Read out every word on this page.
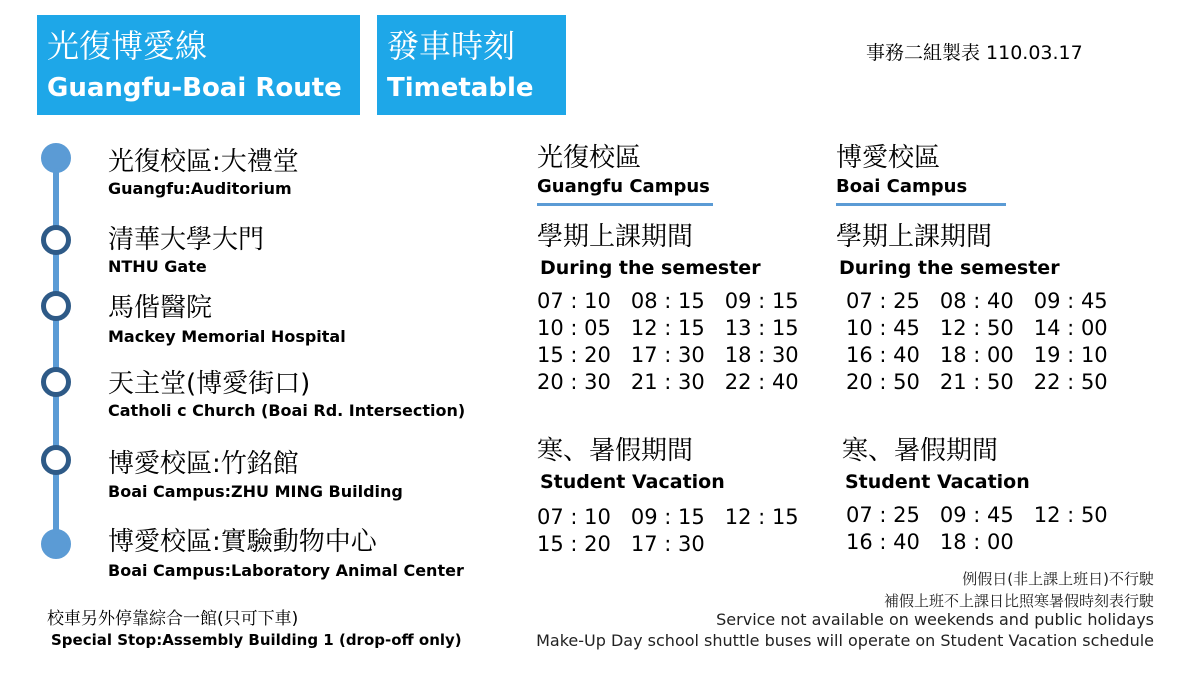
光復博愛線
Guangfu-Boai Route
發車時刻
Timetable
事務二組製表 110.03.17
光復校區:大禮堂
Guangfu:Auditorium
清華大學大門
NTHU Gate
馬偕醫院
Mackey Memorial Hospital
天主堂(博愛街口)
Catholi c Church (Boai Rd. Intersection)
博愛校區:竹銘館
Boai Campus:ZHU MING Building
博愛校區:實驗動物中心
Boai Campus:Laboratory Animal Center
校車另外停靠綜合一館(只可下車)
Special Stop:Assembly Building 1 (drop-off only)
光復校區
Guangfu Campus
學期上課期間
During the semester
07 : 10   08 : 15   09 : 15
10 : 05   12 : 15   13 : 15
15 : 20   17 : 30   18 : 30
20 : 30   21 : 30   22 : 40
寒、暑假期間
Student Vacation
07 : 10   09 : 15   12 : 15
15 : 20   17 : 30
博愛校區
Boai Campus
學期上課期間
During the semester
07 : 25   08 : 40   09 : 45
10 : 45   12 : 50   14 : 00
16 : 40   18 : 00   19 : 10
20 : 50   21 : 50   22 : 50
寒、暑假期間
Student Vacation
07 : 25   09 : 45   12 : 50
16 : 40   18 : 00
例假日(非上課上班日)不行駛
補假上班不上課日比照寒暑假時刻表行駛
Service not available on weekends and public holidays
Make-Up Day school shuttle buses will operate on Student Vacation schedule
